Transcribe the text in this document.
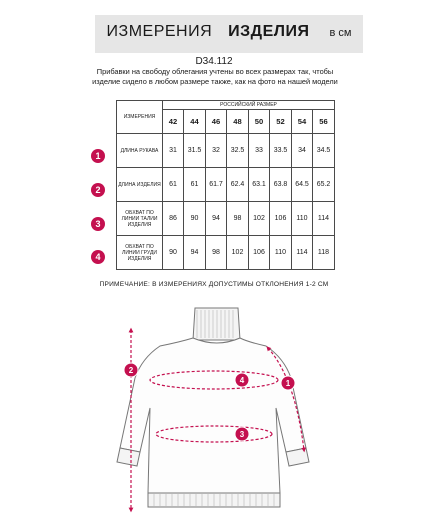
ИЗМЕРЕНИЯ ИЗДЕЛИЯ в см
D34.112
Прибавки на свободу облегания учтены во всех размерах так, чтобы изделие сидело в любом размере также, как на фото на нашей модели
ИЗМЕРЕНИЯ	РОССИЙСКИЙ РАЗМЕР							
	42	44	46	48	50	52	54	56
ДЛИНА РУКАВА	31	31.5	32	32.5	33	33.5	34	34.5
ДЛИНА ИЗДЕЛИЯ	61	61	61.7	62.4	63.1	63.8	64.5	65.2
ОБХВАТ ПО ЛИНИИ ТАЛИИ ИЗДЕЛИЯ	86	90	94	98	102	106	110	114
ОБХВАТ ПО ЛИНИИ ГРУДИ ИЗДЕЛИЯ	90	94	98	102	106	110	114	118
1
2
3
4
ПРИМЕЧАНИЕ: В ИЗМЕРЕНИЯХ ДОПУСТИМЫ ОТКЛОНЕНИЯ 1-2 СМ
2
1
4
3
